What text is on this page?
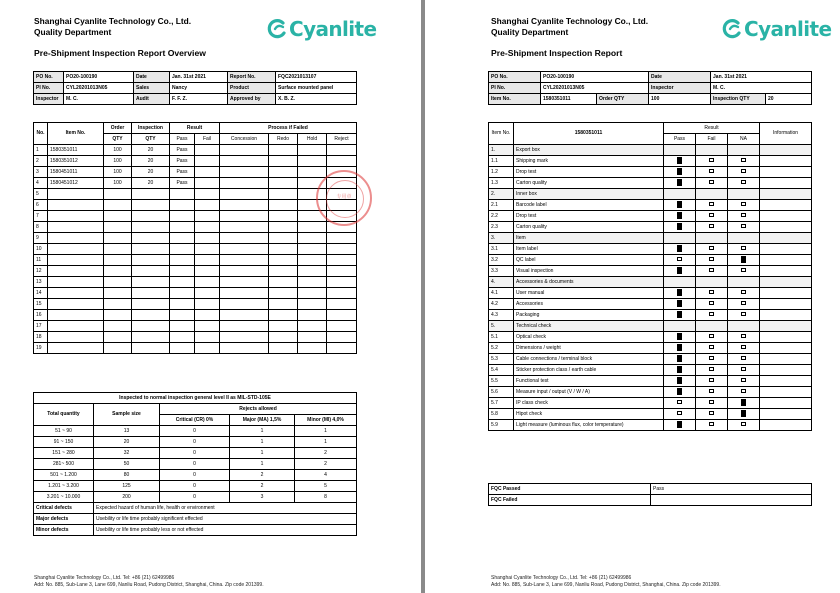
Shanghai Cyanlite Technology Co., Ltd.
Quality Department	Cyanlite
Pre-Shipment Inspection Report Overview
PO No.	PO20-100190	Date	Jan. 31st 2021	Report No.	FQC2021013107
PI No.	CYL20201013N05	Sales	Nancy	Product	Surface mounted panel
Inspector	M. C.	Audit	F. F. Z.	Approved by	X. B. Z.
No.	Item No.	Order	Inspection	Result		Process if Failed			
		QTY	QTY	Pass	Fail	Concession	Redo	Hold	Reject
1	1580351011	100	20	Pass					
2	1580351012	100	20	Pass					
3	1580451011	100	20	Pass					
4	1580451012	100	20	Pass					
5									
6									
7									
8									
9									
10									
11									
12									
13									
14									
15									
16									
17									
18									
19									
专用章
Inspected to normal inspection general level II as MIL-STD-105E				
Total quantity	Sample size	Rejects allowed		
		Critical (CR) 0%	Major (MA) 1,5%	Minor (MI) 4,0%
51 ~ 90	13	0	1	1
91 ~ 150	20	0	1	1
151 ~ 280	32	0	1	2
281~ 500	50	0	1	2
501 ~ 1.200	80	0	2	4
1.201 ~ 3.200	125	0	2	5
3.201 ~ 10.000	200	0	3	8
Critical defects	Expected hazard of human life, health or environment			
Major defects	Usebility or life time probably significent effected			
Minor defects	Usebility or life time probably less or not effected			
Shanghai Cyanlite Technology Co., Ltd. Tel: +86 (21) 62499986
Add: No. 885, Sub-Lane 3, Lane 699, Nanliu Road, Pudong District, Shanghai, China. Zip code 201399.
Shanghai Cyanlite Technology Co., Ltd.
Quality Department	Cyanlite
Pre-Shipment Inspection Report
PO No.	PO20-100190		Date	Jan. 31st 2021	
PI No.	CYL20201013N05		Inspector	M. C.	
Item No.	1580351011	Order QTY	100	Inspection QTY	20
Item No.	1580351011	Result			Information
		Pass	Fail	NA	
1.	Export box				
1.1	Shipping mark				
1.2	Drop test				
1.3	Carton quality				
2.	Inner box				
2.1	Barcode label				
2.2	Drop test				
2.3	Carton quality				
3.	Item				
3.1	Item label				
3.2	QC label				
3.3	Visual inspection				
4.	Accessories & documents				
4.1	User manual				
4.2	Accessories				
4.3	Packaging				
5.	Technical check				
5.1	Optical check				
5.2	Dimensions / weight				
5.3	Cable connections / terminal block				
5.4	Sticker protection class / earth cable				
5.5	Functional test				
5.6	Measure input / output (V / W / A)				
5.7	IP class check				
5.8	Hipot check				
5.9	Light measure (luminous flux, color temperature)				
FQC Passed	Pass
FQC Failed	
Shanghai Cyanlite Technology Co., Ltd. Tel: +86 (21) 62499986
Add: No. 885, Sub-Lane 3, Lane 699, Nanliu Road, Pudong District, Shanghai, China. Zip code 201399.
